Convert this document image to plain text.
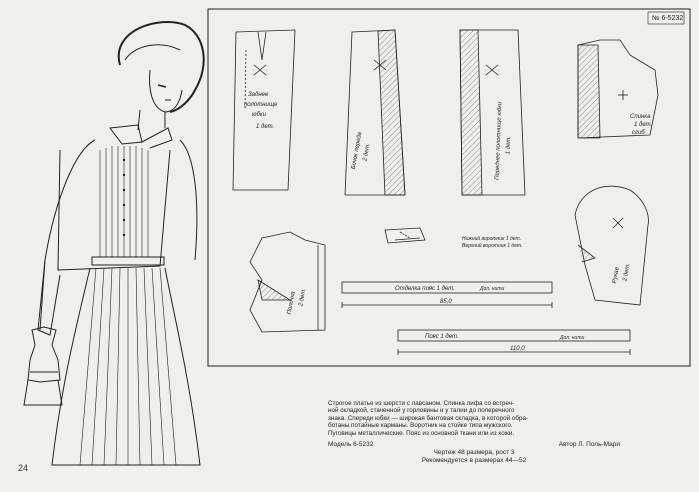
Заднее
полотнище
юбки
1 дет.
Бочок переда 2 дет.	Переднее полотнище юбки 1 дет.
Спинка
1 дет.
сгиб
№ 6-5232
Рукав 2 дет.
Полочка 2 дет.
Нижний воротник 1 дет.
Верхний воротник 1 дет.
Отделка пояс 1 дет.	Дол. нити
85,0
Пояс 1 дет.	Дол. нити
110,0
Строгое платье из шерсти с лавсаном. Спинка лифа со встреч-
ной складкой, стаченной у горловины и у талии до поперечного
знака. Спереди юбки — широкая бантовая складка, в которой обра-
ботаны потайные карманы. Воротник на стойке типа мужского.
Пуговицы металлические. Пояс из основной ткани или из кожи.
Модель 6-5232	Автор Л. Поль-Мари
Чертеж 48 размера, рост 3
Рекомендуется в размерах 44—52
24
